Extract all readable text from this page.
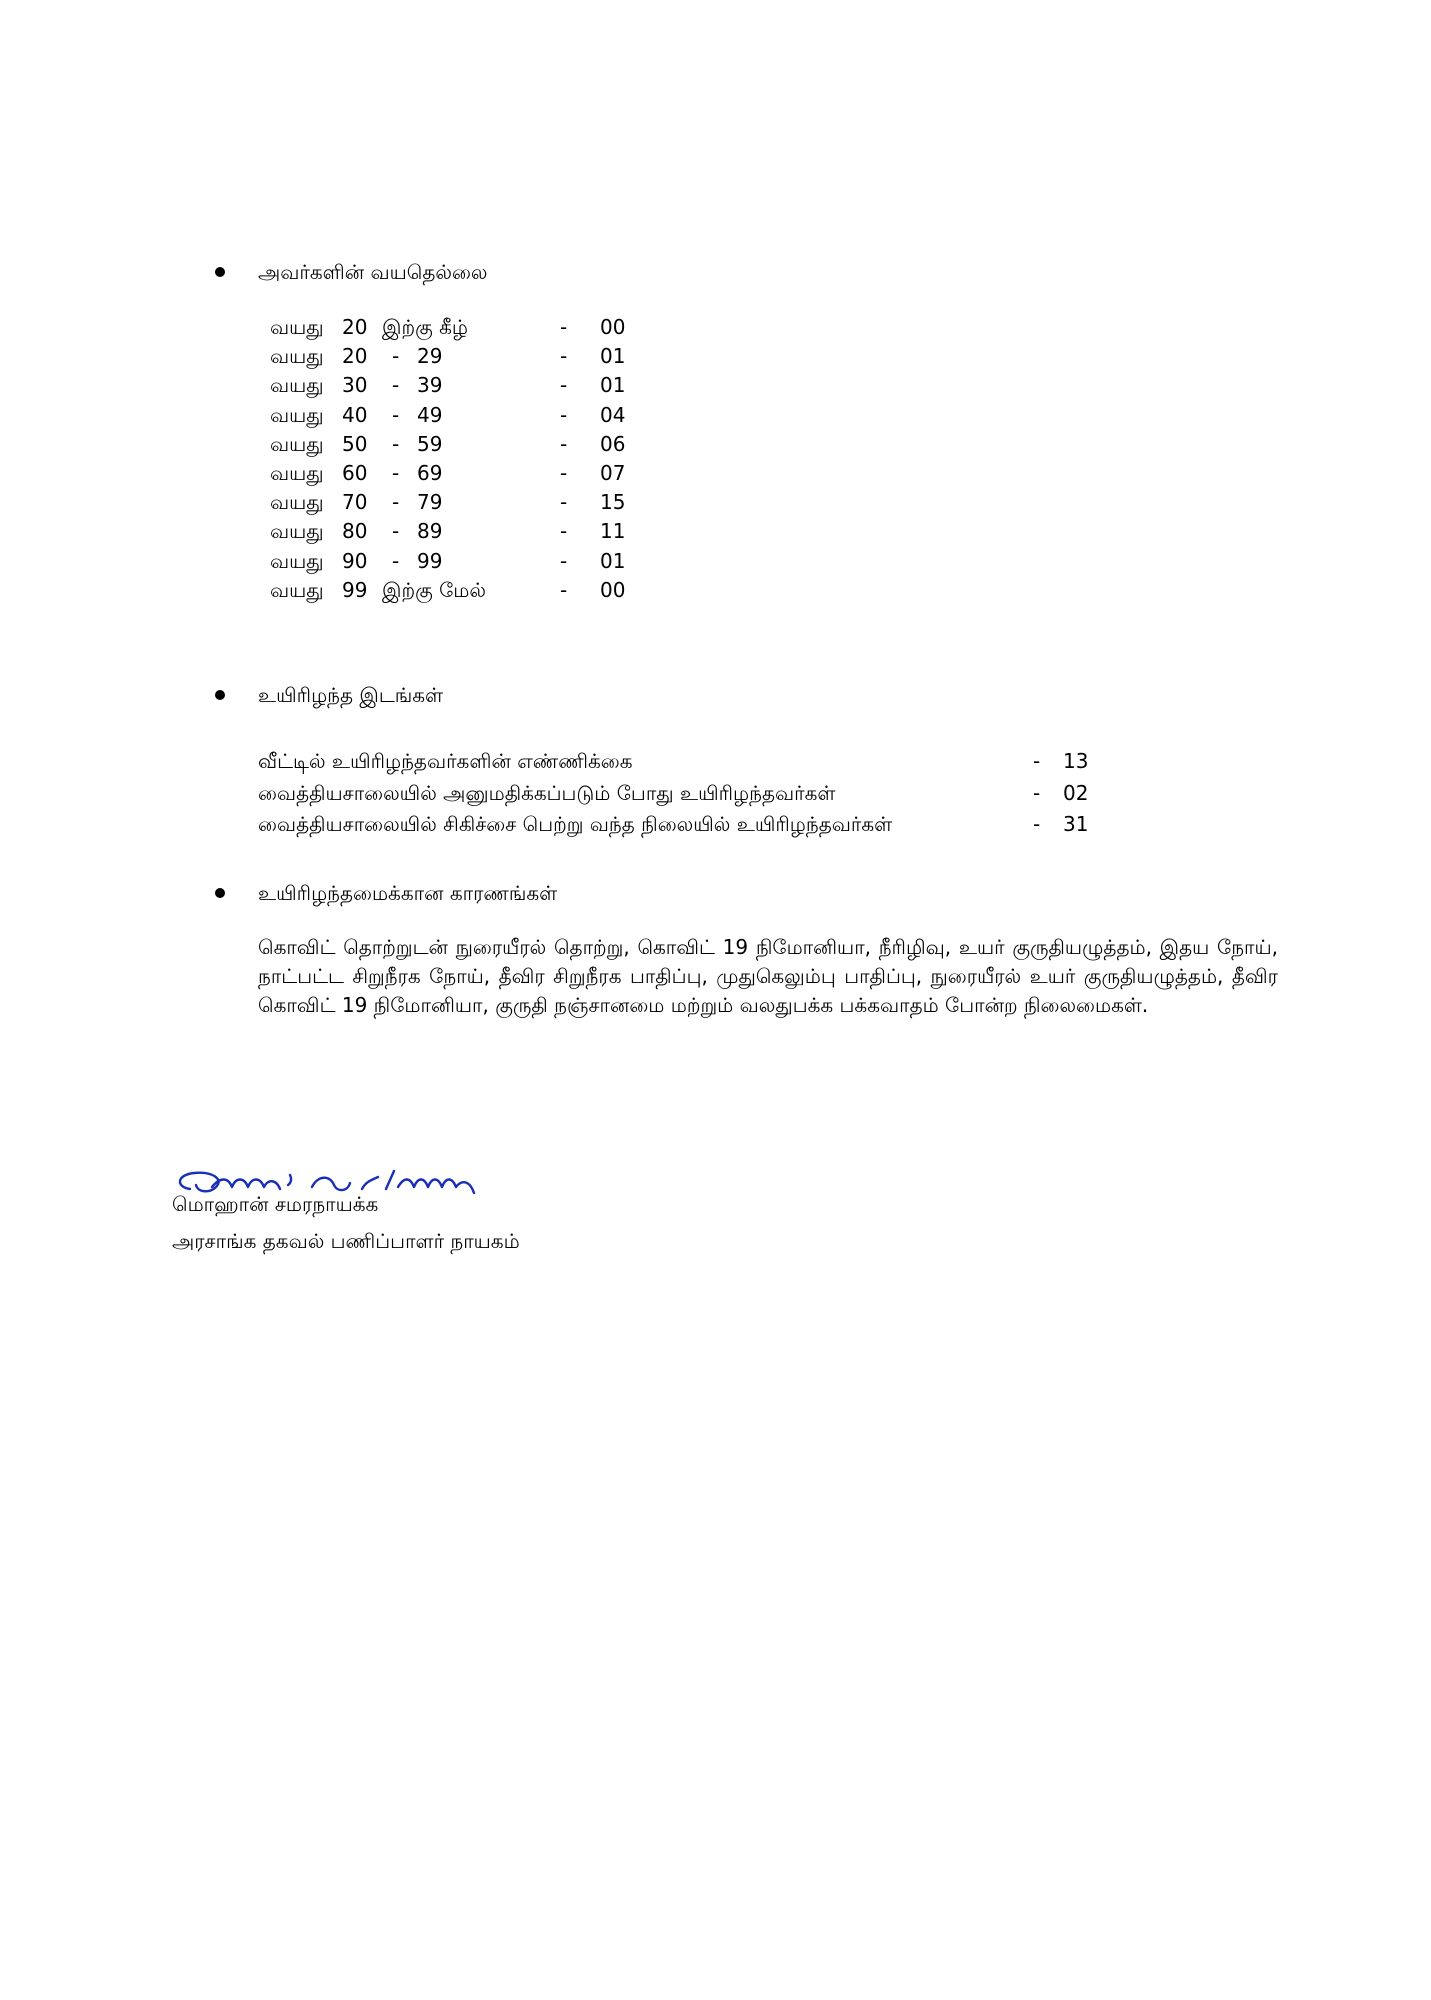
அவர்களின் வயதெல்லை
வயது 20 இற்கு கீழ்	- 00
வயது 20 - 29	- 01
வயது 30 - 39	- 01
வயது 40 - 49	- 04
வயது 50 - 59	- 06
வயது 60 - 69	- 07
வயது 70 - 79	- 15
வயது 80 - 89	- 11
வயது 90 - 99	- 01
வயது 99 இற்கு மேல்	- 00
உயிரிழந்த இடங்கள்
வீட்டில் உயிரிழந்தவர்களின் எண்ணிக்கை	- 13
வைத்தியசாலையில் அனுமதிக்கப்படும் போது உயிரிழந்தவர்கள்	- 02
வைத்தியசாலையில் சிகிச்சை பெற்று வந்த நிலையில் உயிரிழந்தவர்கள்	- 31
உயிரிழந்தமைக்கான காரணங்கள்
கொவிட் தொற்றுடன் நுரையீரல் தொற்று, கொவிட் 19 நிமோனியா, நீரிழிவு, உயர் குருதியழுத்தம், இதய நோய், நாட்பட்ட சிறுநீரக நோய், தீவிர சிறுநீரக பாதிப்பு, முதுகெலும்பு பாதிப்பு, நுரையீரல் உயர் குருதியழுத்தம், தீவிர கொவிட் 19 நிமோனியா, குருதி நஞ்சானமை மற்றும் வலதுபக்க பக்கவாதம் போன்ற நிலைமைகள்.
மொஹான் சமரநாயக்க
அரசாங்க தகவல் பணிப்பாளர் நாயகம்
